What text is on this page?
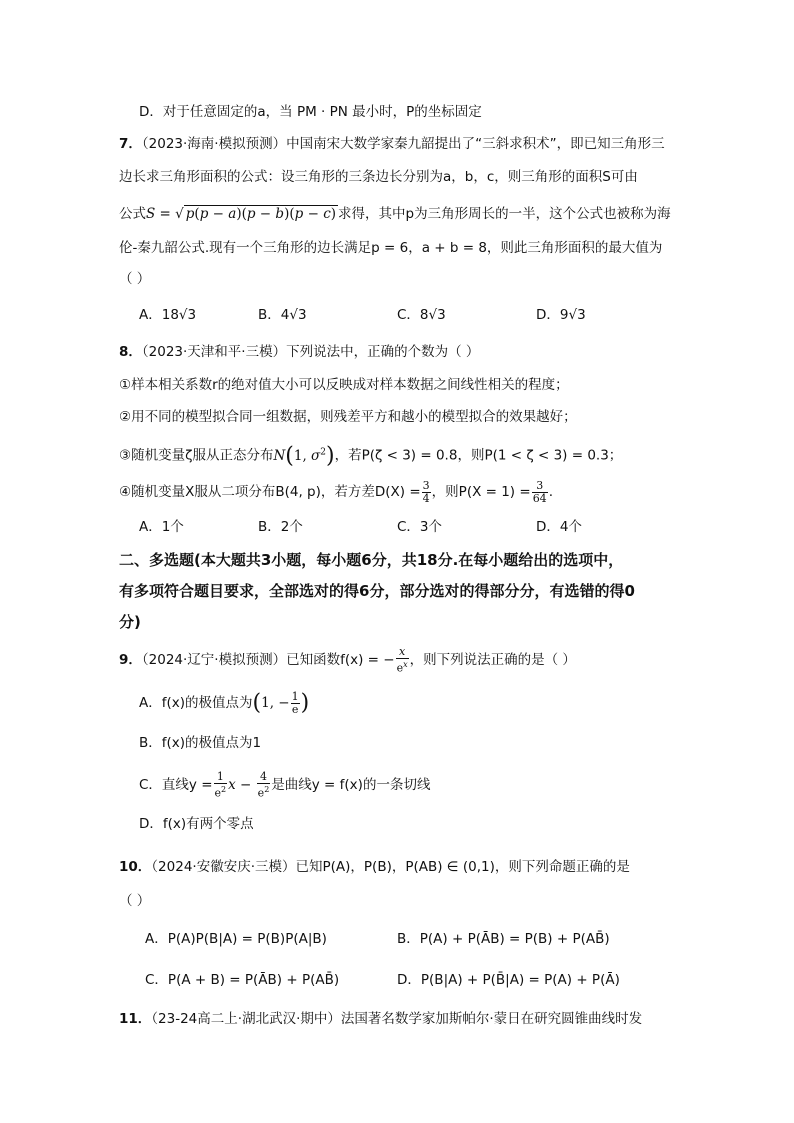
D．对于任意固定的a，当 PM · PN 最小时，P的坐标固定
7．（2023·海南·模拟预测）中国南宋大数学家秦九韶提出了“三斜求积术”，即已知三角形三
边长求三角形面积的公式：设三角形的三条边长分别为a，b，c，则三角形的面积S可由
公式S = √ p(p − a)(p − b)(p − c) 求得，其中p为三角形周长的一半，这个公式也被称为海
伦-秦九韶公式.现有一个三角形的边长满足p = 6，a + b = 8，则此三角形面积的最大值为
（ ）
A．18√3	B．4√3	C．8√3	D．9√3
8．（2023·天津和平·三模）下列说法中，正确的个数为（ ）
①样本相关系数r的绝对值大小可以反映成对样本数据之间线性相关的程度；
②用不同的模型拟合同一组数据，则残差平方和越小的模型拟合的效果越好；
③随机变量ζ服从正态分布N(1, $\sigma^2$)，若P(ζ < 3) = 0.8，则P(1 < ζ < 3) = 0.3；
④随机变量X服从二项分布B(4, p)，若方差$D(X) = \frac{3}{4}$ ，则$P(X = 1) = \frac{3}{64}$ .
A．1个	B．2个	C．3个	D．4个
二、多选题(本大题共3小题，每小题6分，共18分.在每小题给出的选项中，
有多项符合题目要求，全部选对的得6分，部分选对的得部分分，有选错的得0
分)
9．（2024·辽宁·模拟预测）已知函数f(x) = − $\frac{x}{e^x}$ ，则下列说法正确的是（ ）
A．f(x)的极值点为(1, − $\frac{1}{e}$ )
B．f(x)的极值点为1
C．直线$y = \frac{1}{e^2}$ $x - \frac{4}{e^2}$ 是曲线y = f(x)的一条切线
D．f(x)有两个零点
10．（2024·安徽安庆·三模）已知P(A)，P(B)，P(AB) ∈ (0,1)，则下列命题正确的是
（ ）
A．P(A)P(B|A) = P(B)P(A|B)	B．P(A) + P(ĀB) = P(B) + P(AB̄)
C．P(A + B) = P(ĀB) + P(AB̄)	D．P(B|A) + P(B̄|A) = P(A) + P(Ā)
11．（23-24高二上·湖北武汉·期中）法国著名数学家加斯帕尔·蒙日在研究圆锥曲线时发
